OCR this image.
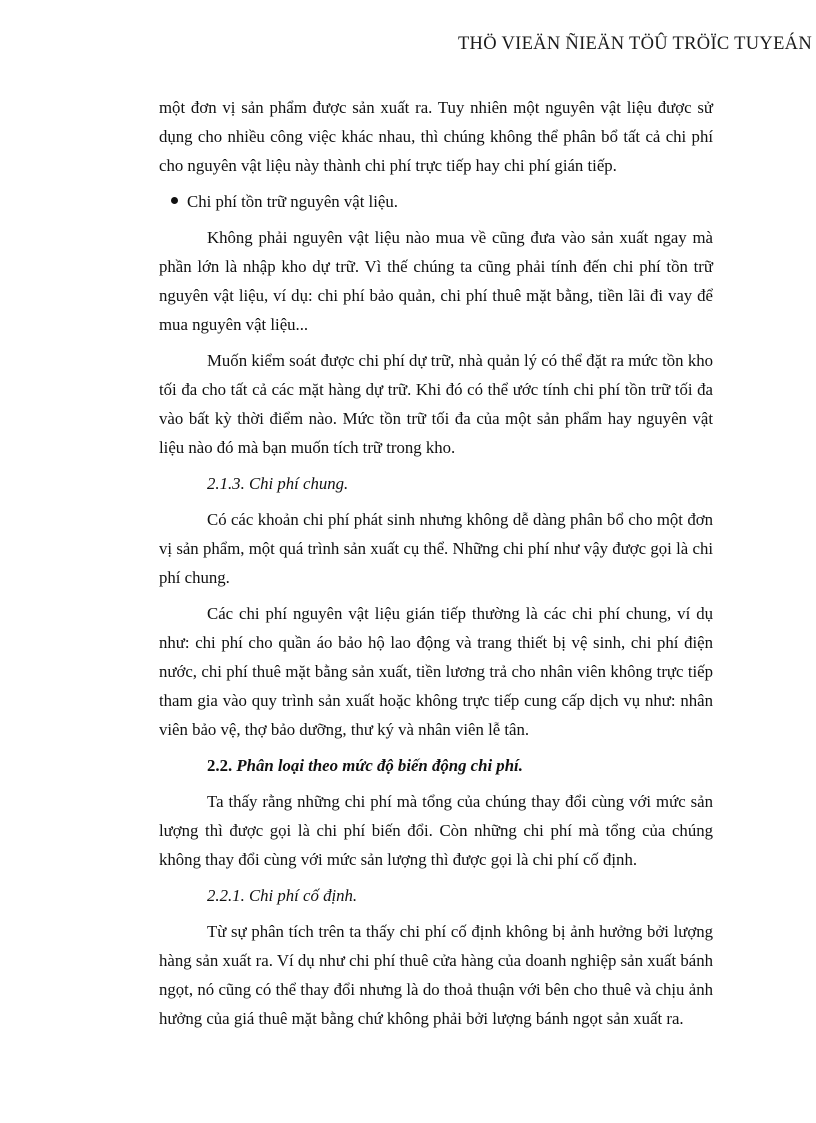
THÖ VIEÄN ÑIEÄN TÖÛ TRÖÏC TUYEÁN

một đơn vị sản phẩm được sản xuất ra. Tuy nhiên một nguyên vật liệu được sử dụng cho nhiều công việc khác nhau, thì chúng không thể phân bổ tất cả chi phí cho nguyên vật liệu này thành chi phí trực tiếp hay chi phí gián tiếp.

Chi phí tồn trữ nguyên vật liệu.

Không phải nguyên vật liệu nào mua về cũng đưa vào sản xuất ngay mà phần lớn là nhập kho dự trữ. Vì thế chúng ta cũng phải tính đến chi phí tồn trữ nguyên vật liệu, ví dụ: chi phí bảo quản, chi phí thuê mặt bằng, tiền lãi đi vay để mua nguyên vật liệu...

Muốn kiểm soát được chi phí dự trữ, nhà quản lý có thể đặt ra mức tồn kho tối đa cho tất cả các mặt hàng dự trữ. Khi đó có thể ước tính chi phí tồn trữ tối đa vào bất kỳ thời điểm nào. Mức tồn trữ tối đa của một sản phẩm hay nguyên vật liệu nào đó mà bạn muốn tích trữ trong kho.

2.1.3. Chi phí chung.

Có các khoản chi phí phát sinh nhưng không dễ dàng phân bổ cho một đơn vị sản phẩm, một quá trình sản xuất cụ thể. Những chi phí như vậy được gọi là chi phí chung.

Các chi phí nguyên vật liệu gián tiếp thường là các chi phí chung, ví dụ như: chi phí cho quần áo bảo hộ lao động và trang thiết bị vệ sinh, chi phí điện nước, chi phí thuê mặt bằng sản xuất, tiền lương trả cho nhân viên không trực tiếp tham gia vào quy trình sản xuất hoặc không trực tiếp cung cấp dịch vụ như: nhân viên bảo vệ, thợ bảo dưỡng, thư ký và nhân viên lễ tân.

2.2. Phân loại theo mức độ biến động chi phí.

Ta thấy rằng những chi phí mà tổng của chúng thay đổi cùng với mức sản lượng thì được gọi là chi phí biến đổi. Còn những chi phí mà tổng của chúng không thay đổi cùng với mức sản lượng thì được gọi là chi phí cố định.

2.2.1. Chi phí cố định.

Từ sự phân tích trên ta thấy chi phí cố định không bị ảnh hưởng bởi lượng hàng sản xuất ra. Ví dụ như chi phí thuê cửa hàng của doanh nghiệp sản xuất bánh ngọt, nó cũng có thể thay đổi nhưng là do thoả thuận với bên cho thuê và chịu ảnh hưởng của giá thuê mặt bằng chứ không phải bởi lượng bánh ngọt sản xuất ra.
